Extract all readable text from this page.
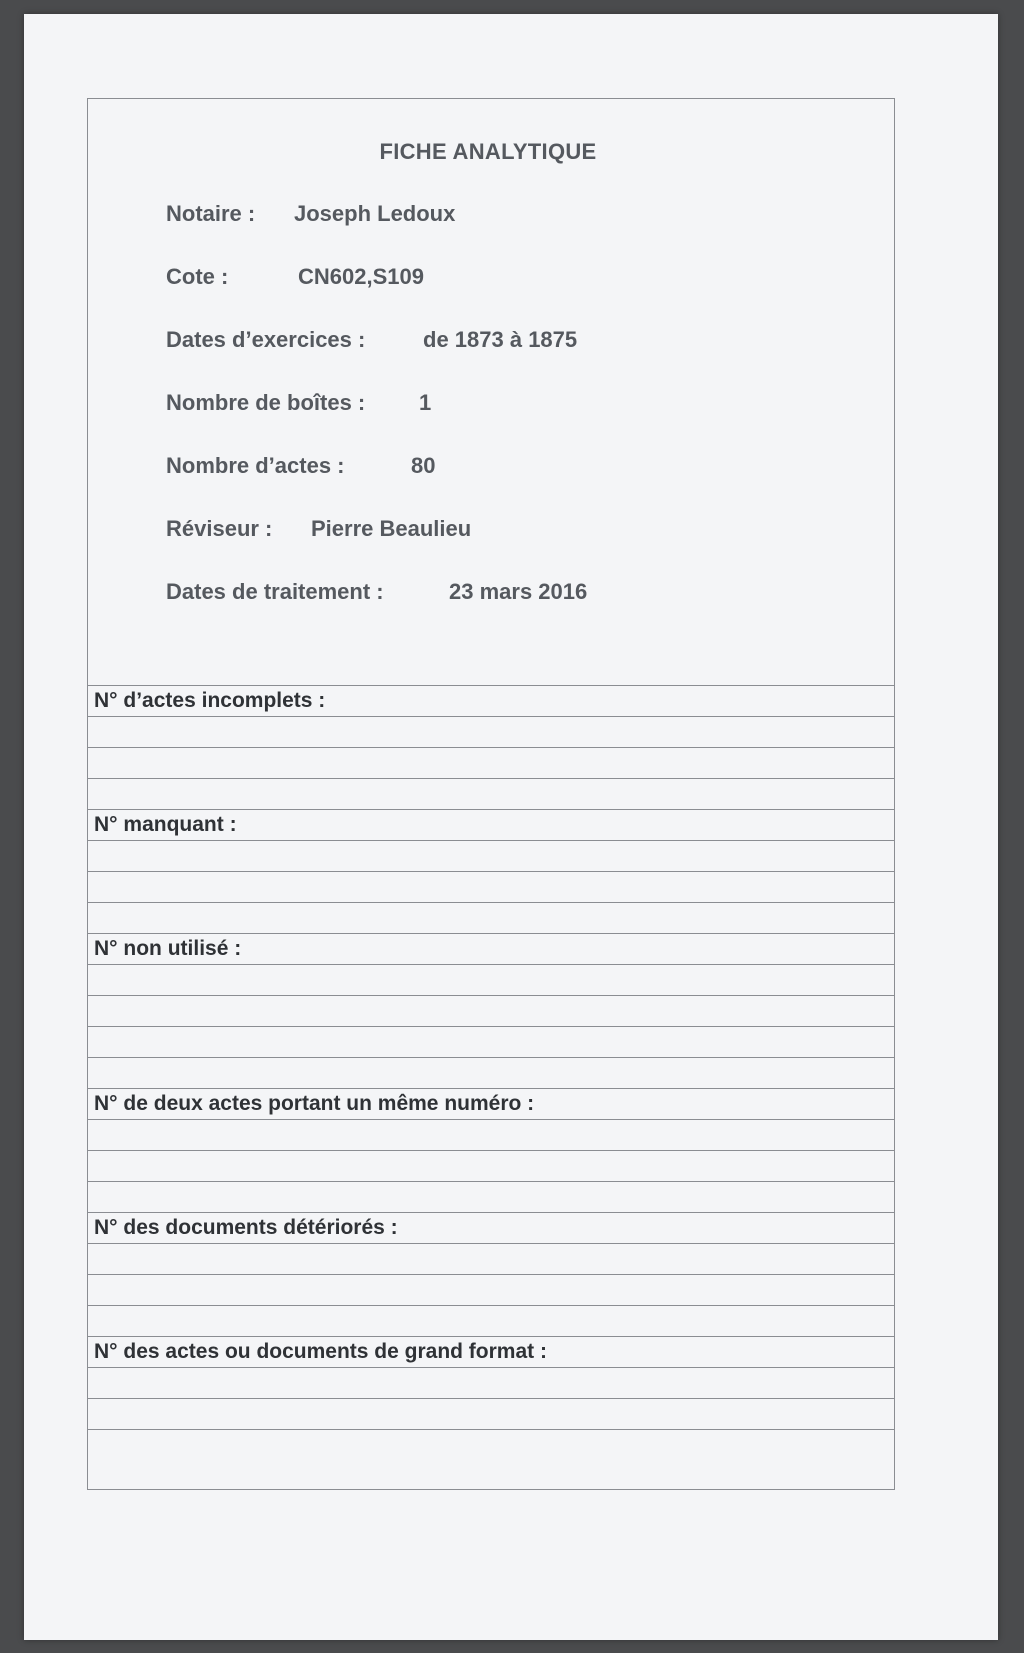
FICHE ANALYTIQUE
Notaire : Joseph Ledoux
Cote :	CN602,S109
Dates d’exercices :	de 1873 à 1875
Nombre de boîtes : 1
Nombre d’actes :	80
Réviseur : Pierre Beaulieu
Dates de traitement :	23 mars 2016
N° d’actes incomplets :
N° manquant :
N° non utilisé :
N° de deux actes portant un même numéro :
N° des documents détériorés :
N° des actes ou documents de grand format :
